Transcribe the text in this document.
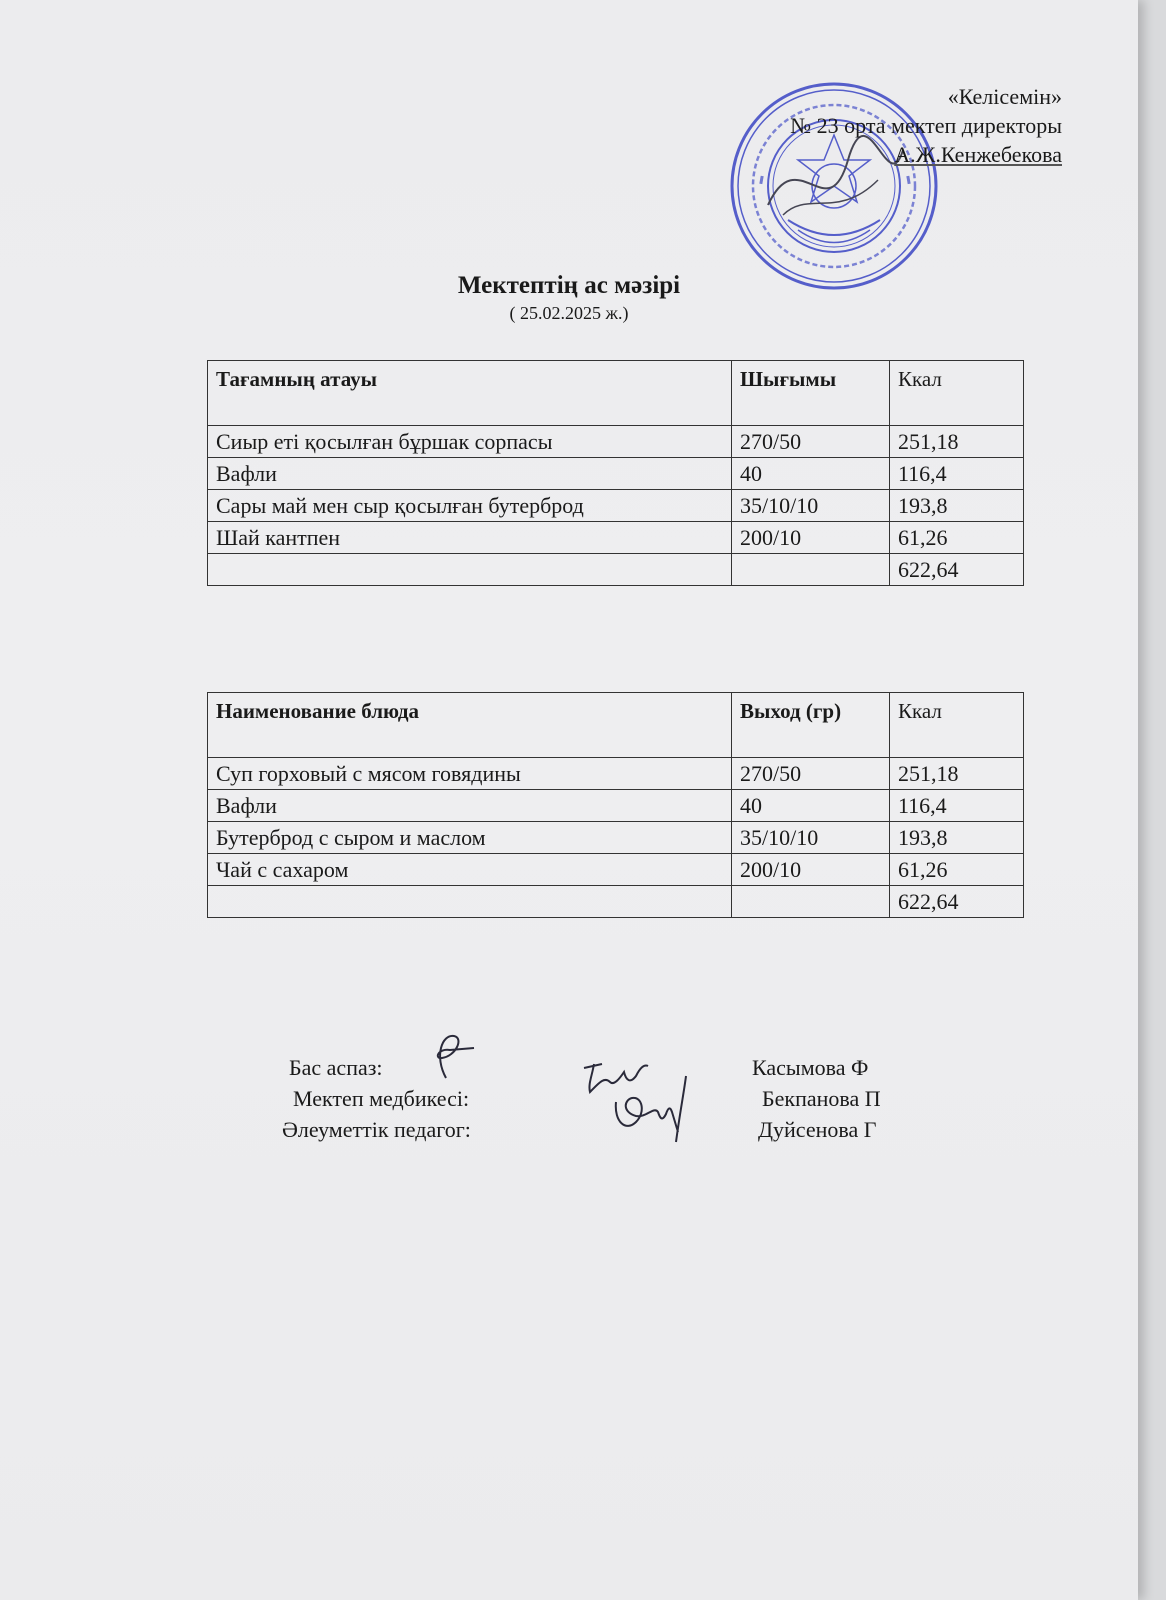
«Келісемін»
№ 23 орта мектеп директоры
А.Ж.Кенжебекова
Мектептің ас мәзірі
( 25.02.2025 ж.)
Тағамның атауы	Шығымы	Ккал
Сиыр еті қосылған бұршак сорпасы	270/50	251,18
Вафли	40	116,4
Сары май мен сыр қосылған бутерброд	35/10/10	193,8
Шай кантпен	200/10	61,26
		622,64
Наименование блюда	Выход (гр)	Ккал
Суп горховый с мясом говядины	270/50	251,18
Вафли	40	116,4
Бутерброд с сыром и маслом	35/10/10	193,8
Чай с сахаром	200/10	61,26
		622,64
Бас аспаз:	Касымова Ф
Мектеп медбикесі:	Бекпанова П
Әлеуметтік педагог:	Дуйсенова Г
